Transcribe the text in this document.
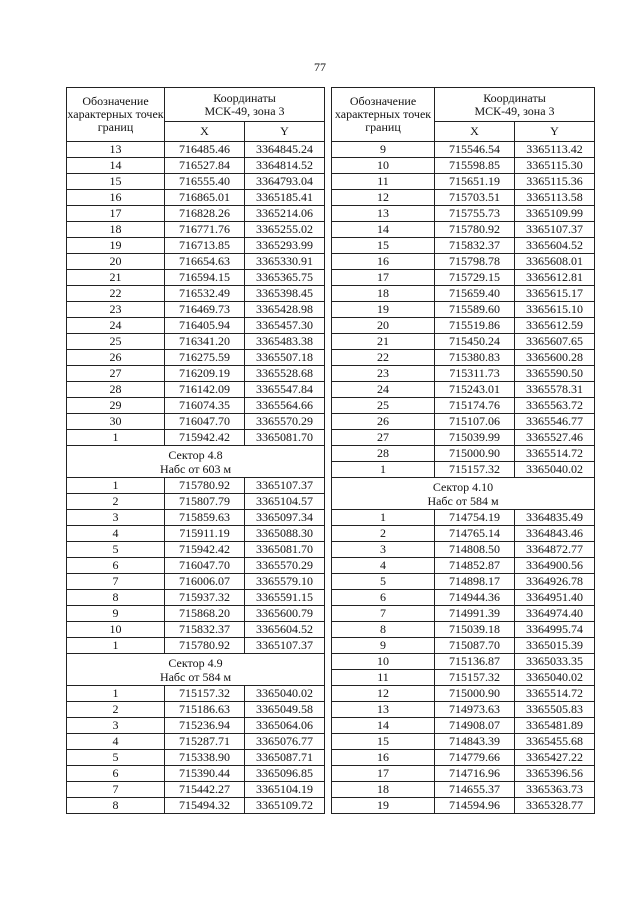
77
Обозначение характерных точек границ	Координаты
МСК-49, зона 3	
	X	Y
13	716485.46	3364845.24
14	716527.84	3364814.52
15	716555.40	3364793.04
16	716865.01	3365185.41
17	716828.26	3365214.06
18	716771.76	3365255.02
19	716713.85	3365293.99
20	716654.63	3365330.91
21	716594.15	3365365.75
22	716532.49	3365398.45
23	716469.73	3365428.98
24	716405.94	3365457.30
25	716341.20	3365483.38
26	716275.59	3365507.18
27	716209.19	3365528.68
28	716142.09	3365547.84
29	716074.35	3365564.66
30	716047.70	3365570.29
1	715942.42	3365081.70
Сектор 4.8
Набс от 603 м		
1	715780.92	3365107.37
2	715807.79	3365104.57
3	715859.63	3365097.34
4	715911.19	3365088.30
5	715942.42	3365081.70
6	716047.70	3365570.29
7	716006.07	3365579.10
8	715937.32	3365591.15
9	715868.20	3365600.79
10	715832.37	3365604.52
1	715780.92	3365107.37
Сектор 4.9
Набс от 584 м		
1	715157.32	3365040.02
2	715186.63	3365049.58
3	715236.94	3365064.06
4	715287.71	3365076.77
5	715338.90	3365087.71
6	715390.44	3365096.85
7	715442.27	3365104.19
8	715494.32	3365109.72
Обозначение характерных точек границ	Координаты
МСК-49, зона 3	
	X	Y
9	715546.54	3365113.42
10	715598.85	3365115.30
11	715651.19	3365115.36
12	715703.51	3365113.58
13	715755.73	3365109.99
14	715780.92	3365107.37
15	715832.37	3365604.52
16	715798.78	3365608.01
17	715729.15	3365612.81
18	715659.40	3365615.17
19	715589.60	3365615.10
20	715519.86	3365612.59
21	715450.24	3365607.65
22	715380.83	3365600.28
23	715311.73	3365590.50
24	715243.01	3365578.31
25	715174.76	3365563.72
26	715107.06	3365546.77
27	715039.99	3365527.46
28	715000.90	3365514.72
1	715157.32	3365040.02
Сектор 4.10
Набс от 584 м		
1	714754.19	3364835.49
2	714765.14	3364843.46
3	714808.50	3364872.77
4	714852.87	3364900.56
5	714898.17	3364926.78
6	714944.36	3364951.40
7	714991.39	3364974.40
8	715039.18	3364995.74
9	715087.70	3365015.39
10	715136.87	3365033.35
11	715157.32	3365040.02
12	715000.90	3365514.72
13	714973.63	3365505.83
14	714908.07	3365481.89
15	714843.39	3365455.68
16	714779.66	3365427.22
17	714716.96	3365396.56
18	714655.37	3365363.73
19	714594.96	3365328.77
